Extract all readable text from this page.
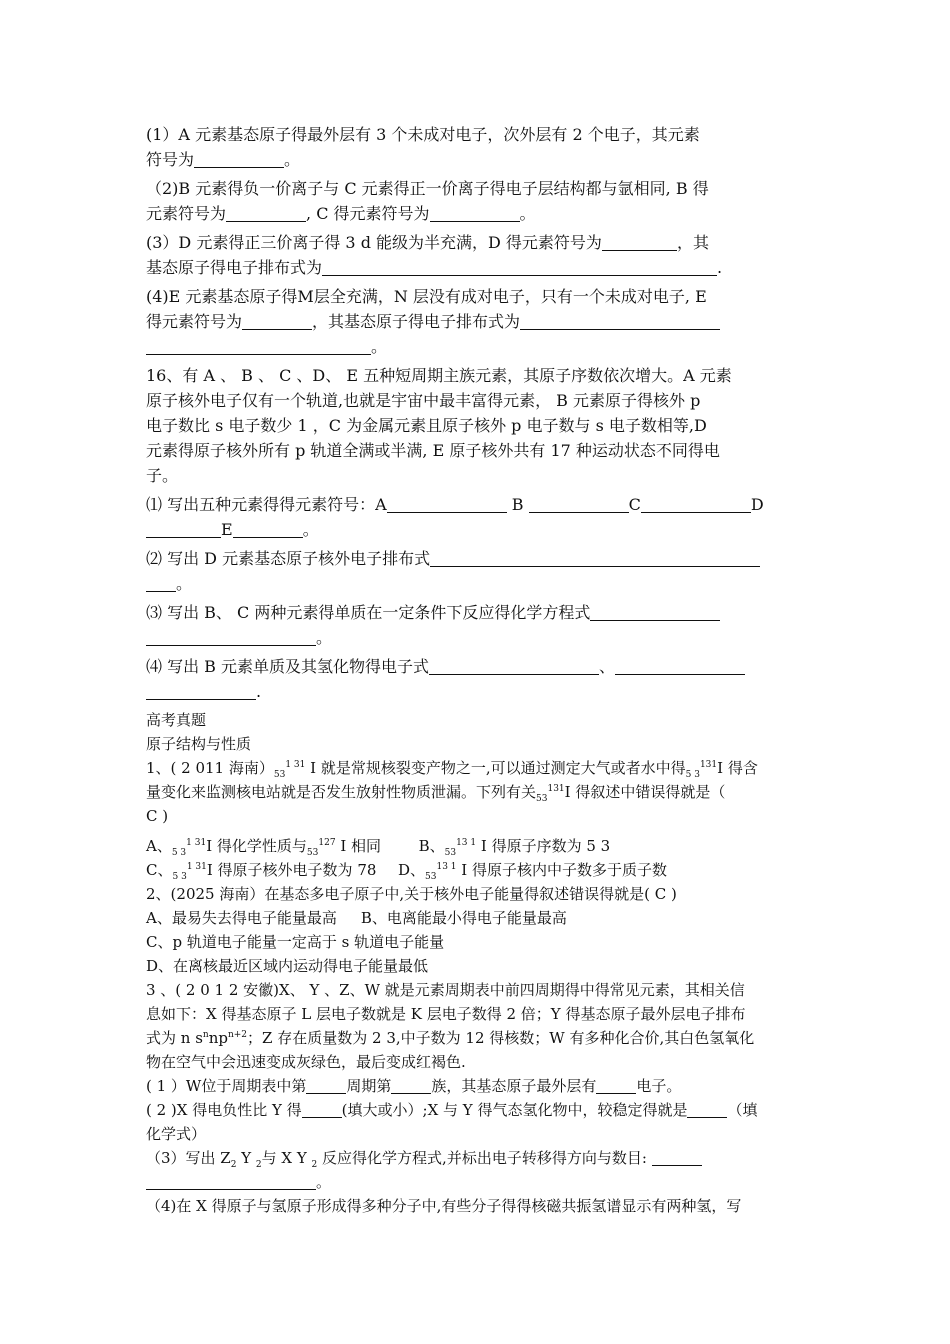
(1）A 元素基态原子得最外层有 3 个未成对电子，次外层有 2 个电子，其元素
符号为	。
（2)B 元素得负一价离子与 C 元素得正一价离子得电子层结构都与氩相同, B 得
元素符号为	, C 得元素符号为	。
(3）D 元素得正三价离子得 3 d 能级为半充满，D 得元素符号为	，其
基态原子得电子排布式为	.
(4)E 元素基态原子得M层全充满，N 层没有成对电子，只有一个未成对电子, E
得元素符号为	，其基态原子得电子排布式为
。
16、有 A 、 B 、 C 、D、 E 五种短周期主族元素，其原子序数依次增大。A 元素
原子核外电子仅有一个轨道,也就是宇宙中最丰富得元素， B 元素原子得核外 p
电子数比 s 电子数少 1 ，C 为金属元素且原子核外 p 电子数与 s 电子数相等,D
元素得原子核外所有 p 轨道全满或半满, E 原子核外共有 17 种运动状态不同得电
子。
⑴ 写出五种元素得得元素符号：A	B	C	D
E	。
⑵ 写出 D 元素基态原子核外电子排布式
。
⑶ 写出 B、 C 两种元素得单质在一定条件下反应得化学方程式
。
⑷ 写出 B 元素单质及其氢化物得电子式	、
.
高考真题
原子结构与性质
1、( 2 011 海南）$_{53}^{1 31}$ I 就是常规核裂变产物之一,可以通过测定大气或者水中得$_{5 3}^{131}$I 得含
量变化来监测核电站就是否发生放射性物质泄漏。下列有关$_{53}^{131}$I 得叙述中错误得就是（
C )
A、$_{5 3}^{1 31}$I 得化学性质与$_{53}^{127}$ I 相同	B、$_{53}^{13 1}$ I 得原子序数为 5 3
C、$_{5 3}^{1 31}$I 得原子核外电子数为 78 D、$_{53}^{13 1}$ I 得原子核内中子数多于质子数
2、(2025 海南）在基态多电子原子中,关于核外电子能量得叙述错误得就是( C )
A、最易失去得电子能量最高 B、电离能最小得电子能量最高
C、p 轨道电子能量一定高于 s 轨道电子能量
D、在离核最近区域内运动得电子能量最低
3 、( 2 0 1 2 安徽)X、 Y 、Z、W 就是元素周期表中前四周期得中得常见元素，其相关信
息如下：X 得基态原子 L 层电子数就是 K 层电子数得 2 倍；Y 得基态原子最外层电子排布
式为 n $s^nnp^{n+2}$；Z 存在质量数为 2 3,中子数为 12 得核数；W 有多种化合价,其白色氢氧化
物在空气中会迅速变成灰绿色，最后变成红褐色.
( 1 ）W位于周期表中第	周期第	族，其基态原子最外层有	电子。
( 2 )X 得电负性比 Y 得	(填大或小）;X 与 Y 得气态氢化物中，较稳定得就是	（填
化学式）
（3）写出 $Z_2$ Y $_2$与 X Y $_2$ 反应得化学方程式,并标出电子转移得方向与数目:
。
（4)在 X 得原子与氢原子形成得多种分子中,有些分子得得核磁共振氢谱显示有两种氢，写
